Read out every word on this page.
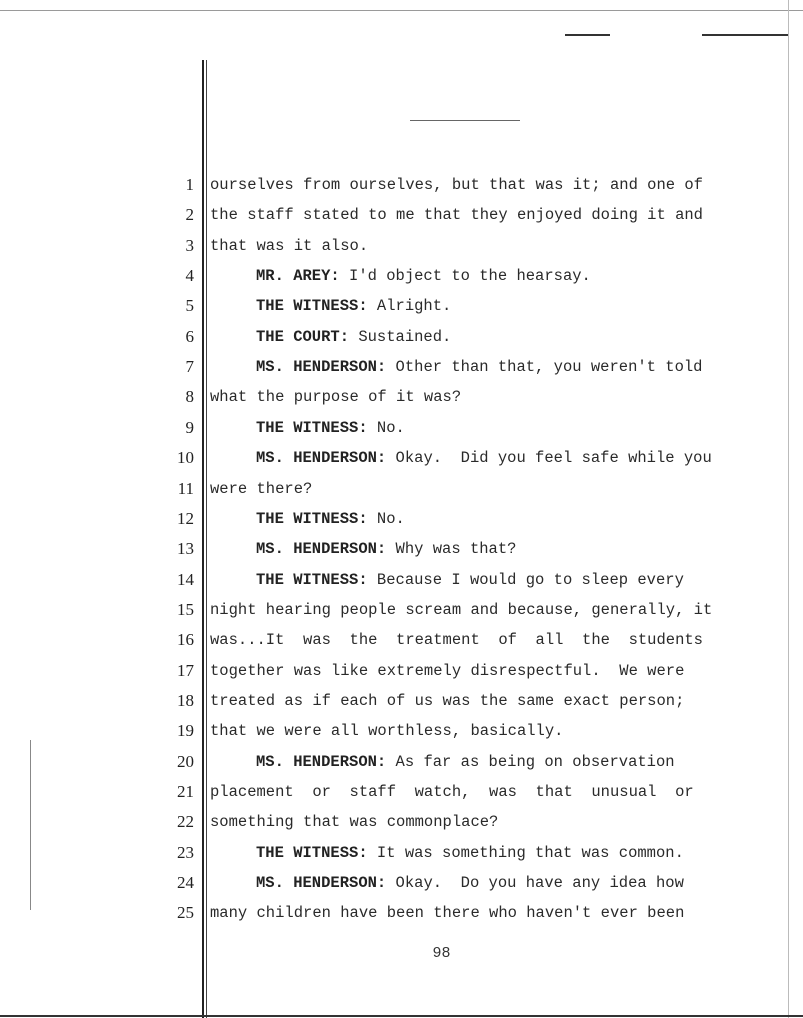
1 ourselves from ourselves, but that was it; and one of
2 the staff stated to me that they enjoyed doing it and
3 that was it also.
4	MR. AREY: I'd object to the hearsay.
5	THE WITNESS: Alright.
6	THE COURT: Sustained.
7	MS. HENDERSON: Other than that, you weren't told
8 what the purpose of it was?
9	THE WITNESS: No.
10	MS. HENDERSON: Okay.  Did you feel safe while you
11 were there?
12	THE WITNESS: No.
13	MS. HENDERSON: Why was that?
14	THE WITNESS: Because I would go to sleep every
15 night hearing people scream and because, generally, it
16 was...It  was  the  treatment  of  all  the  students
17 together was like extremely disrespectful.  We were
18 treated as if each of us was the same exact person;
19 that we were all worthless, basically.
20	MS. HENDERSON: As far as being on observation
21 placement  or  staff  watch,  was  that  unusual  or
22 something that was commonplace?
23	THE WITNESS: It was something that was common.
24	MS. HENDERSON: Okay.  Do you have any idea how
25 many children have been there who haven't ever been
98
